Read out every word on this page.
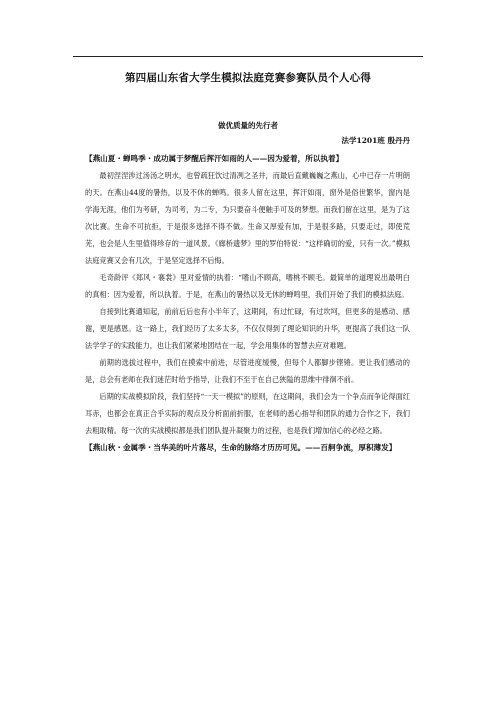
第四届山东省大学生模拟法庭竞赛参赛队员个人心得
做优质量的先行者
法学1201班 殷丹丹

【燕山夏・蝉鸣季・成功属于梦醒后挥汗如雨的人——因为爱着，所以执着】

最初涅涅涉过汤汤之明水，也曾疏狂饮过清冽之圣井，而最后直戴巍巍之燕山，心中已存一片明朗的天。在燕山44度的暑热，以及不休的蝉鸣。很多人留在这里，挥汗如雨，窗外是俗世繁华，窗内是学海无涯，他们为考研，为司考，为二专，为只要奋斗便触手可及的梦想。而我们留在这里，是为了这次比赛。生命不可抗拒，于是很多选择不得不做。生命又厚爱有加，于是很多路，只要走过，即使荒芜，也会是人生里值得珍存的一道风景。《廊桥遗梦》里的罗伯特说：“这样确切的爱，只有一次。”模拟法庭竞赛又会有几次，于是坚定选择不后悔。

毛奇龄评《郑风・褰裳》里对爱情的执着：“嗜山不顾高，嗜桃不顾毛。最简单的道理说出最明白的真相：因为爱着，所以执着。于是，在燕山的暑热以及无休的蝉鸣里，我们开始了我们的模拟法庭。

自接到比赛通知起，前前后后也有小半年了，这期间，有过忙碌，有过坎坷，但更多的是感动、感谢，更是感恩。这一路上，我们经历了太多太多，不仅仅得到了理论知识的升华，更提高了我们这一队法学学子的实践能力，也让我们紧紧地团结在一起，学会用集体的智慧去应对难题。

前期的选拔过程中，我们在摸索中前进，尽管进度缓慢，但每个人都脚步铿锵。更让我们感动的是，总会有老师在我们迷茫时给予指导，让我们不至于在自己狭隘的思维中徘徊不前。

后期的实战模拟阶段，我们坚持“一天一模拟”的原则，在这期间，我们会为一个争点而争论得面红耳赤，也都会在真正合乎实际的观点及分析面前折服，在老师的悉心指导和团队的通力合作之下，我们去粗取精。每一次的实战模拟都是我们团队提升凝聚力的过程，也是我们增加信心的必经之路。

【燕山秋・金属季・当华美的叶片落尽，生命的脉络才历历可见。——百舸争流，厚积薄发】
